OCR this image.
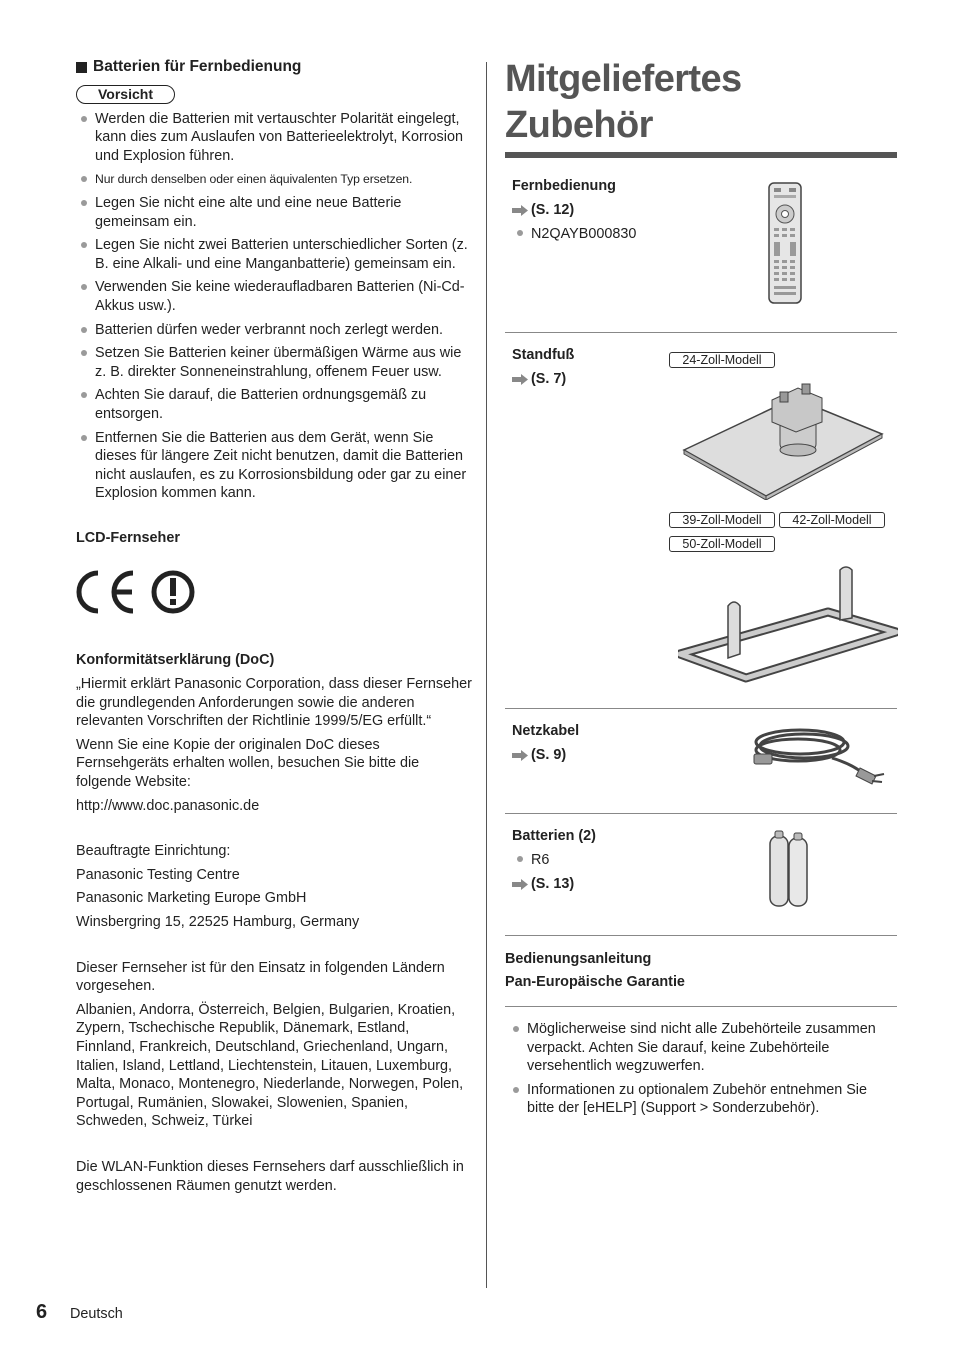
Batterien für Fernbedienung
Vorsicht
Werden die Batterien mit vertauschter Polarität eingelegt, kann dies zum Auslaufen von Batterieelektrolyt, Korrosion und Explosion führen.
Nur durch denselben oder einen äquivalenten Typ ersetzen.
Legen Sie nicht eine alte und eine neue Batterie gemeinsam ein.
Legen Sie nicht zwei Batterien unterschiedlicher Sorten (z. B. eine Alkali- und eine Manganbatterie) gemeinsam ein.
Verwenden Sie keine wiederaufladbaren Batterien (Ni-Cd-Akkus usw.).
Batterien dürfen weder verbrannt noch zerlegt werden.
Setzen Sie Batterien keiner übermäßigen Wärme aus wie z. B. direkter Sonneneinstrahlung, offenem Feuer usw.
Achten Sie darauf, die Batterien ordnungsgemäß zu entsorgen.
Entfernen Sie die Batterien aus dem Gerät, wenn Sie dieses für längere Zeit nicht benutzen, damit die Batterien nicht auslaufen, es zu Korrosionsbildung oder gar zu einer Explosion kommen kann.

LCD-Fernseher

Konformitätserklärung (DoC)

„Hiermit erklärt Panasonic Corporation, dass dieser Fernseher die grundlegenden Anforderungen sowie die anderen relevanten Vorschriften der Richtlinie 1999/5/EG erfüllt.“

Wenn Sie eine Kopie der originalen DoC dieses Fernsehgeräts erhalten wollen, besuchen Sie bitte die folgende Website:

http://www.doc.panasonic.de

Beauftragte Einrichtung:

Panasonic Testing Centre

Panasonic Marketing Europe GmbH

Winsbergring 15, 22525 Hamburg, Germany

Dieser Fernseher ist für den Einsatz in folgenden Ländern vorgesehen.

Albanien, Andorra, Österreich, Belgien, Bulgarien, Kroatien, Zypern, Tschechische Republik, Dänemark, Estland, Finnland, Frankreich, Deutschland, Griechenland, Ungarn, Italien, Island, Lettland, Liechtenstein, Litauen, Luxemburg, Malta, Monaco, Montenegro, Niederlande, Norwegen, Polen, Portugal, Rumänien, Slowakei, Slowenien, Spanien, Schweden, Schweiz, Türkei

Die WLAN-Funktion dieses Fernsehers darf ausschließlich in geschlossenen Räumen genutzt werden.

Mitgeliefertes
Zubehör
Fernbedienung
(S. 12)
N2QAYB000830
Standfuß
(S. 7)
24-Zoll-Modell
39-Zoll-Modell	42-Zoll-Modell
50-Zoll-Modell
Netzkabel
(S. 9)
Batterien (2)
R6
(S. 13)
Bedienungsanleitung
Pan-Europäische Garantie
Möglicherweise sind nicht alle Zubehörteile zusammen verpackt. Achten Sie darauf, keine Zubehörteile versehentlich wegzuwerfen.
Informationen zu optionalem Zubehör entnehmen Sie bitte der [eHELP] (Support > Sonderzubehör).
6 Deutsch
